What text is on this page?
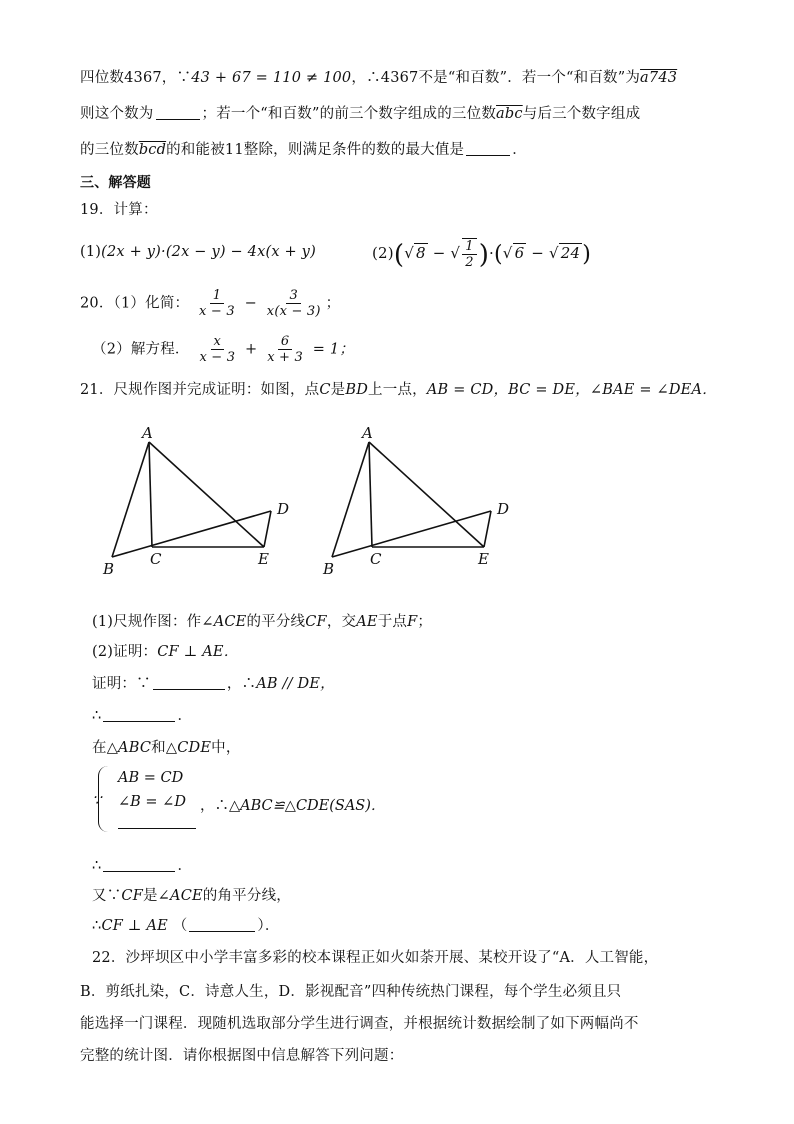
四位数4367，∵43 + 67 = 110 ≠ 100，∴4367不是“和百数”．若一个“和百数”为a743
则这个数为	；若一个“和百数”的前三个数字组成的三位数$\overline{abc}$与后三个数字组成
的三位数$\overline{bcd}$的和能被11整除，则满足条件的数的最大值是	．
三、解答题
19．计算：
(1)(2x + y)·(2x − y) − 4x(x + y)	(2)(√ 8 − √ $\frac{1}{2}$ )·(√ 6 − √ 24)
20．（1）化简： $\frac{1}{x - 3} - \frac{3}{x(x - 3)}$ ；
（2）解方程． $\frac{x}{x - 3} + \frac{6}{x + 3} = 1$；
21．尺规作图并完成证明：如图，点C是BD上一点，AB = CD，BC = DE，∠BAE = ∠DEA．
A
B
C
D
E
A
B
C
D
E
(1)尺规作图：作∠ACE的平分线CF，交AE于点F；
(2)证明：CF ⊥ AE．
证明：∵	，∴AB // DE，
∴	．
在△ABC和△CDE中，
∵
AB = CD
∠B = ∠D ，∴△ABC≌△CDE(SAS)．
∴	．
又∵CF是∠ACE的角平分线，
∴CF ⊥ AE （	）．
22．沙坪坝区中小学丰富多彩的校本课程正如火如荼开展、某校开设了“A．人工智能，
B．剪纸扎染，C．诗意人生，D．影视配音”四种传统热门课程，每个学生必须且只
能选择一门课程．现随机选取部分学生进行调查，并根据统计数据绘制了如下两幅尚不
完整的统计图．请你根据图中信息解答下列问题：
